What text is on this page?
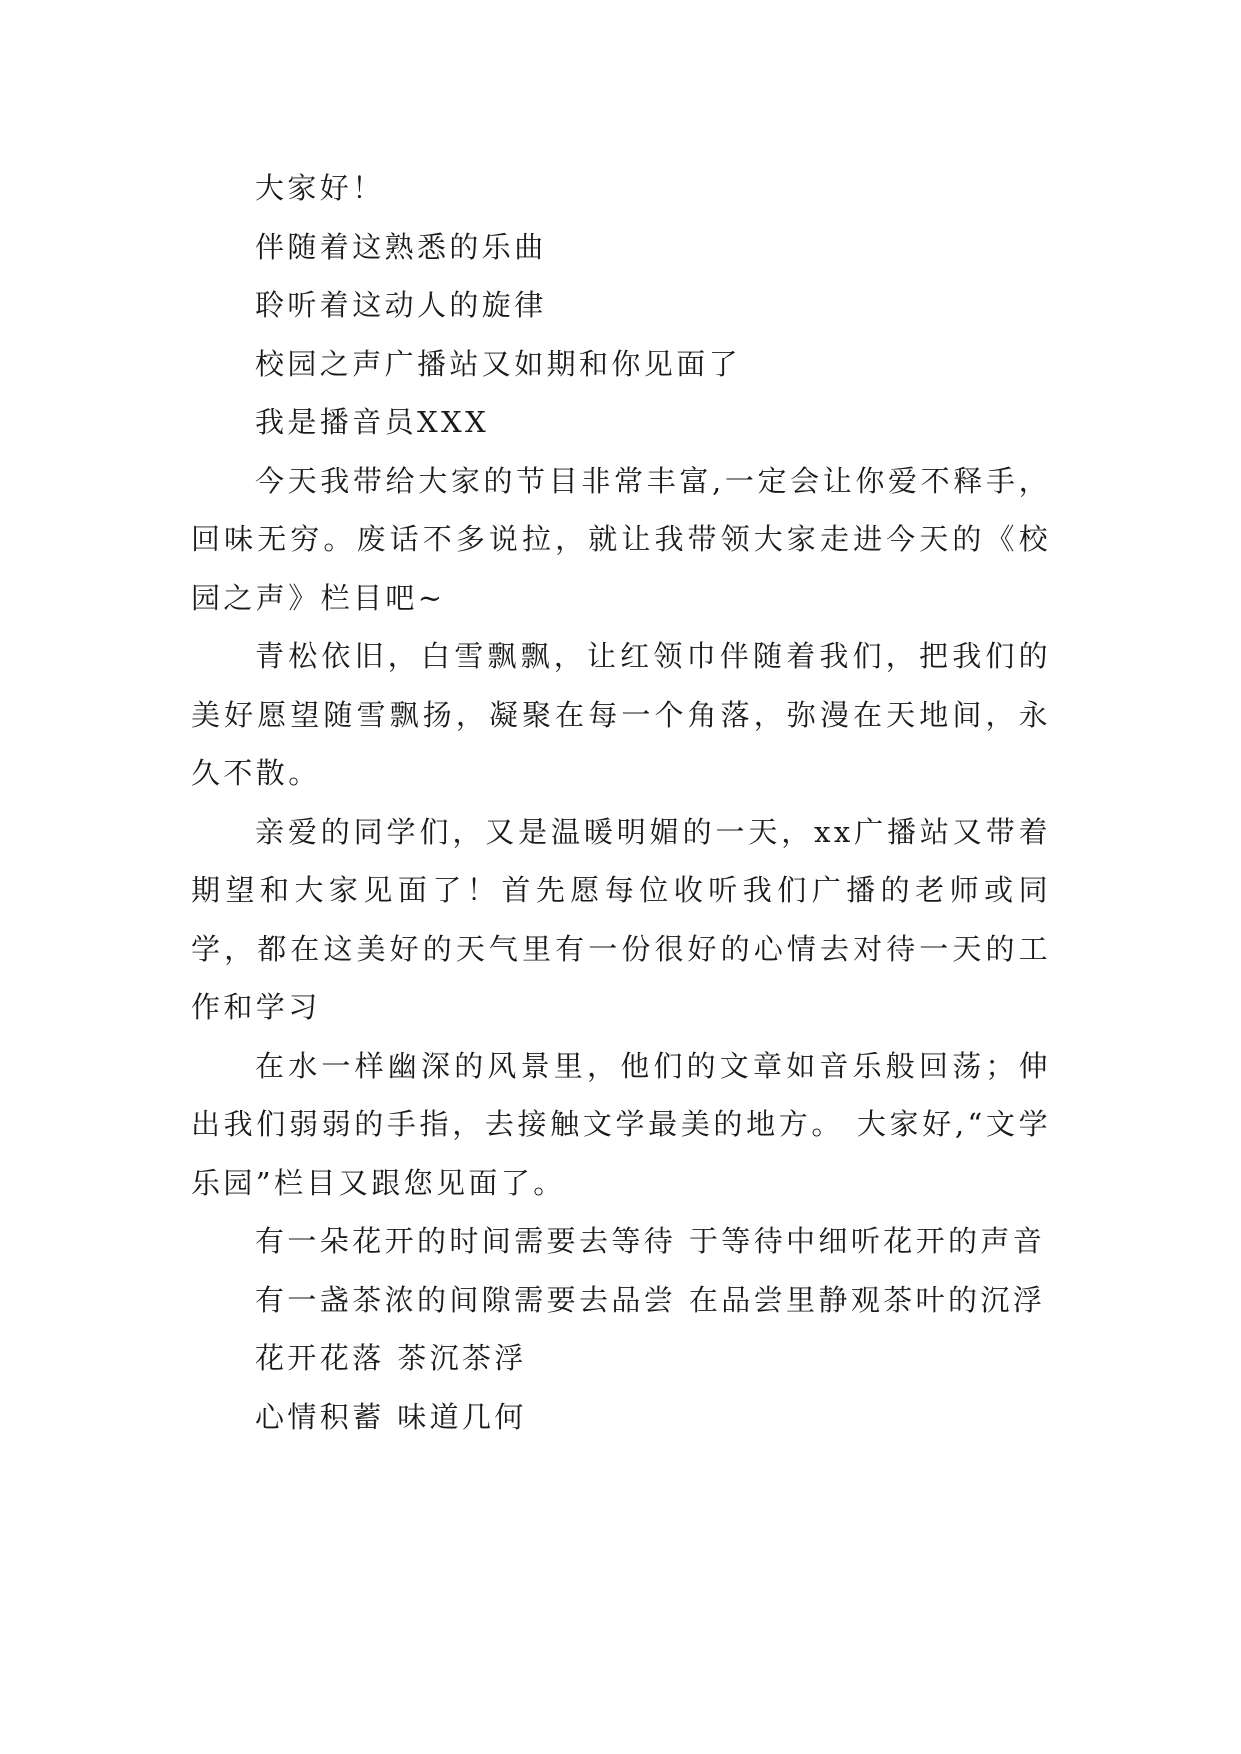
大家好！

伴随着这熟悉的乐曲

聆听着这动人的旋律

校园之声广播站又如期和你见面了

我是播音员XXX

今天我带给大家的节目非常丰富,一定会让你爱不释手，回味无穷。废话不多说拉，就让我带领大家走进今天的《校园之声》栏目吧~

青松依旧，白雪飘飘，让红领巾伴随着我们，把我们的美好愿望随雪飘扬，凝聚在每一个角落，弥漫在天地间，永久不散。

亲爱的同学们，又是温暖明媚的一天，xx广播站又带着期望和大家见面了！首先愿每位收听我们广播的老师或同学，都在这美好的天气里有一份很好的心情去对待一天的工作和学习

在水一样幽深的风景里，他们的文章如音乐般回荡；伸出我们弱弱的手指，去接触文学最美的地方。 大家好,“文学乐园”栏目又跟您见面了。

有一朵花开的时间需要去等待 于等待中细听花开的声音

有一盏茶浓的间隙需要去品尝 在品尝里静观茶叶的沉浮

花开花落 茶沉茶浮

心情积蓄 味道几何
